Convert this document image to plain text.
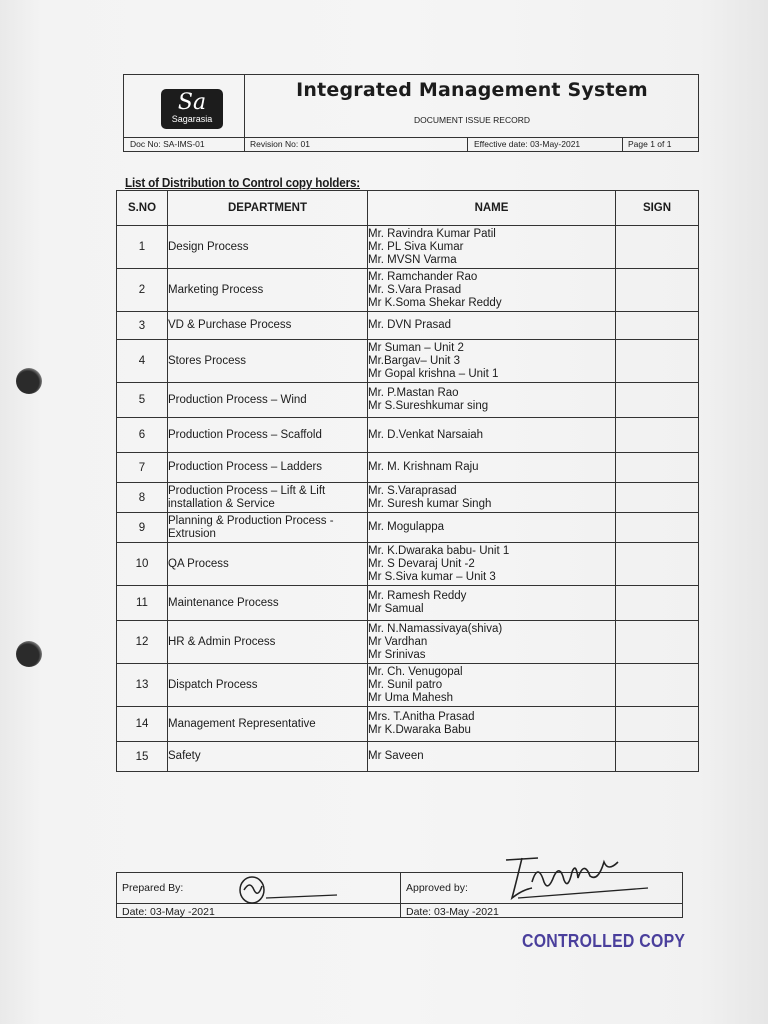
Sa
Sagarasia
Integrated Management System
DOCUMENT ISSUE RECORD
Doc No: SA-IMS-01	Revision No: 01	Effective date: 03-May-2021	Page 1 of 1
List of Distribution to Control copy holders:
S.NO	DEPARTMENT	NAME	SIGN
1	Design Process	Mr. Ravindra Kumar Patil
Mr. PL Siva Kumar
Mr. MVSN Varma	

2	Marketing Process	Mr. Ramchander Rao
Mr. S.Vara Prasad
Mr K.Soma Shekar Reddy	

3	VD & Purchase Process	Mr. DVN Prasad	

4	Stores Process	Mr Suman – Unit 2
Mr.Bargav– Unit 3
Mr Gopal krishna – Unit 1	

5	Production Process – Wind	Mr. P.Mastan Rao
Mr S.Sureshkumar sing	

6	Production Process – Scaffold	Mr. D.Venkat Narsaiah	

7	Production Process – Ladders	Mr. M. Krishnam Raju	

8	Production Process – Lift & Lift installation & Service	Mr. S.Varaprasad
Mr. Suresh kumar Singh	

9	Planning & Production Process - Extrusion	Mr. Mogulappa	

10	QA Process	Mr. K.Dwaraka babu- Unit 1
Mr. S Devaraj Unit -2
Mr S.Siva kumar – Unit 3	

11	Maintenance Process	Mr. Ramesh Reddy
Mr Samual	

12	HR & Admin Process	Mr. N.Namassivaya(shiva)
Mr Vardhan
Mr Srinivas	

13	Dispatch Process	Mr. Ch. Venugopal
Mr. Sunil patro
Mr Uma Mahesh	

14	Management Representative	Mrs. T.Anitha Prasad
Mr K.Dwaraka Babu	

15	Safety	Mr Saveen	

Prepared By:
Date: 03-May -2021
Approved by:
Date: 03-May -2021
CONTROLLED COPY
